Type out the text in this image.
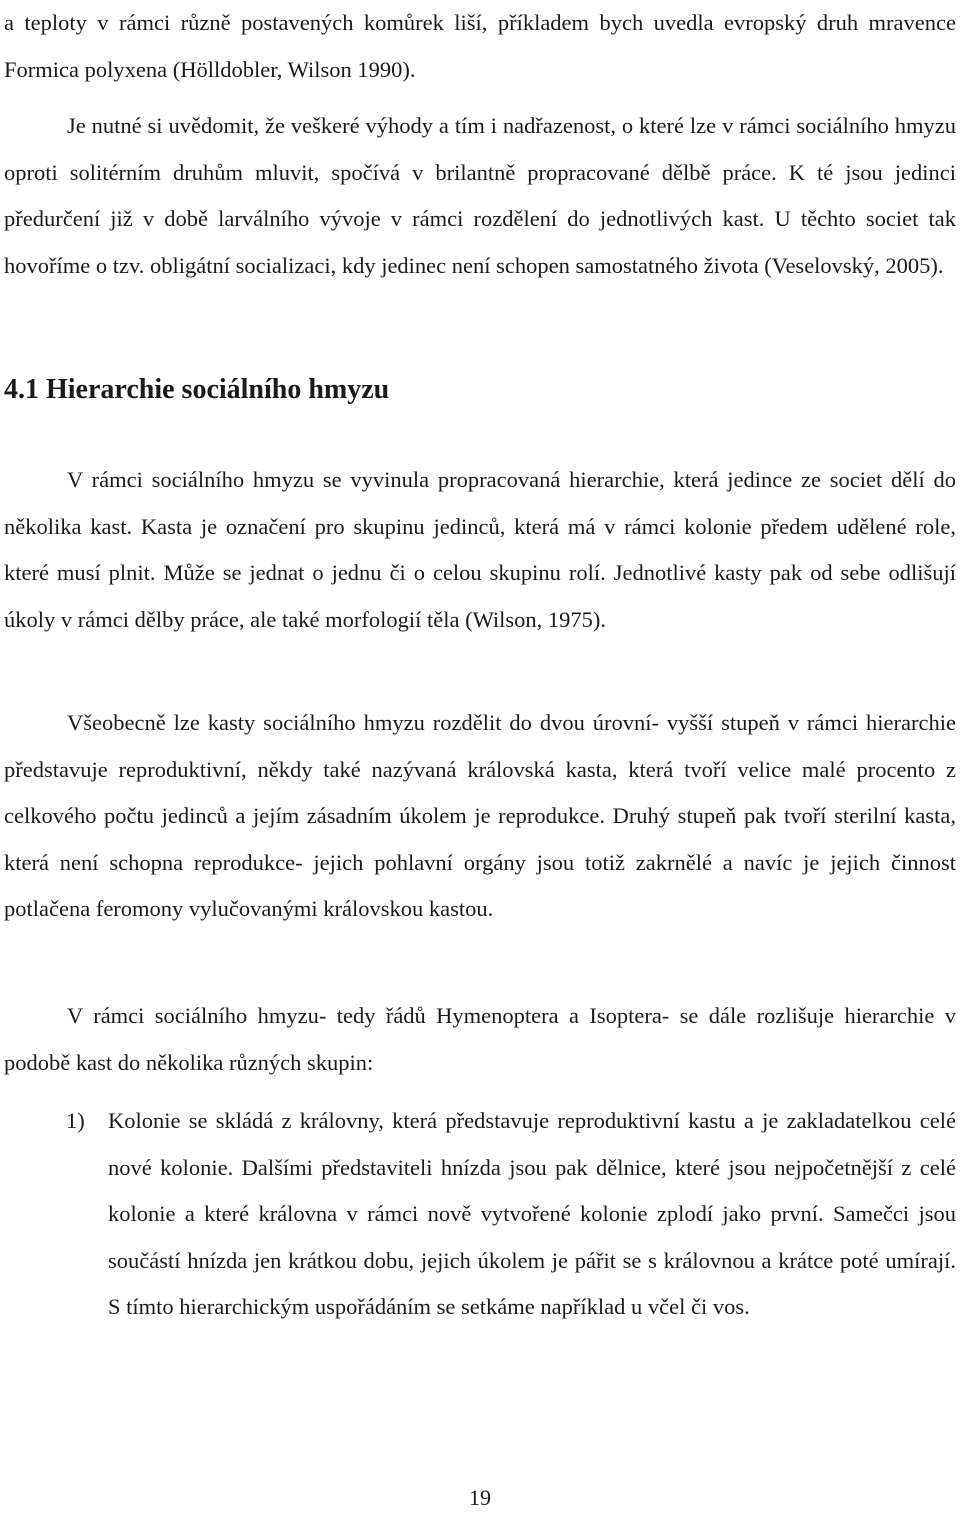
a teploty v rámci různě postavených komůrek liší, příkladem bych uvedla evropský druh mravence Formica polyxena (Hölldobler, Wilson 1990).

Je nutné si uvědomit, že veškeré výhody a tím i nadřazenost, o které lze v rámci sociálního hmyzu oproti solitérním druhům mluvit, spočívá v brilantně propracované dělbě práce. K té jsou jedinci předurčení již v době larválního vývoje v rámci rozdělení do jednotlivých kast. U těchto societ tak hovoříme o tzv. obligátní socializaci, kdy jedinec není schopen samostatného života (Veselovský, 2005).

4.1 Hierarchie sociálního hmyzu

V rámci sociálního hmyzu se vyvinula propracovaná hierarchie, která jedince ze societ dělí do několika kast. Kasta je označení pro skupinu jedinců, která má v rámci kolonie předem udělené role, které musí plnit. Může se jednat o jednu či o celou skupinu rolí. Jednotlivé kasty pak od sebe odlišují úkoly v rámci dělby práce, ale také morfologií těla (Wilson, 1975).

Všeobecně lze kasty sociálního hmyzu rozdělit do dvou úrovní- vyšší stupeň v rámci hierarchie představuje reproduktivní, někdy také nazývaná královská kasta, která tvoří velice malé procento z celkového počtu jedinců a jejím zásadním úkolem je reprodukce. Druhý stupeň pak tvoří sterilní kasta, která není schopna reprodukce- jejich pohlavní orgány jsou totiž zakrnělé a navíc je jejich činnost potlačena feromony vylučovanými královskou kastou.

V rámci sociálního hmyzu- tedy řádů Hymenoptera a Isoptera- se dále rozlišuje hierarchie v podobě kast do několika různých skupin:

1)	Kolonie se skládá z královny, která představuje reproduktivní kastu a je zakladatelkou celé nové kolonie. Dalšími představiteli hnízda jsou pak dělnice, které jsou nejpočetnější z celé kolonie a které královna v rámci nově vytvořené kolonie zplodí jako první. Samečci jsou součástí hnízda jen krátkou dobu, jejich úkolem je pářit se s královnou a krátce poté umírají. S tímto hierarchickým uspořádáním se setkáme například u včel či vos.

19
